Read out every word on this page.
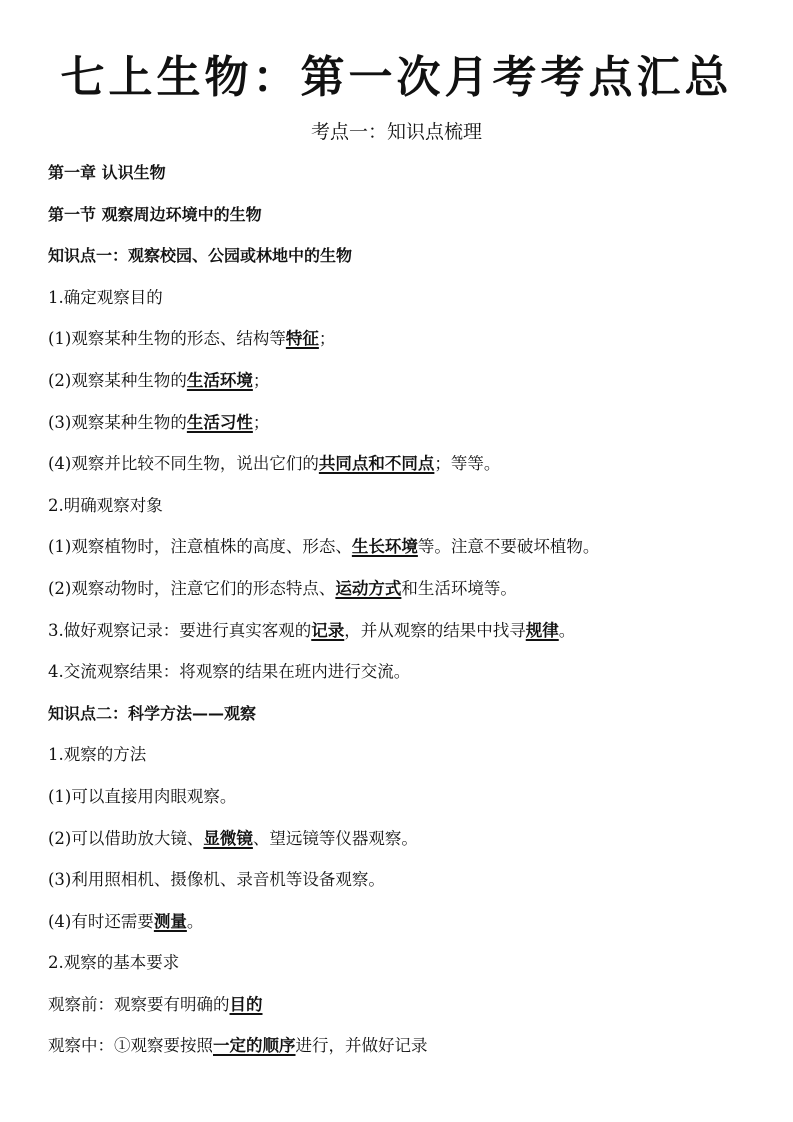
七上生物：第一次月考考点汇总
考点一：知识点梳理
第一章 认识生物
第一节 观察周边环境中的生物
知识点一：观察校园、公园或林地中的生物
1.确定观察目的
(1)观察某种生物的形态、结构等特征；
(2)观察某种生物的生活环境；
(3)观察某种生物的生活习性；
(4)观察并比较不同生物，说出它们的共同点和不同点；等等。
2.明确观察对象
(1)观察植物时，注意植株的高度、形态、生长环境等。注意不要破坏植物。
(2)观察动物时，注意它们的形态特点、运动方式和生活环境等。
3.做好观察记录：要进行真实客观的记录，并从观察的结果中找寻规律。
4.交流观察结果：将观察的结果在班内进行交流。
知识点二：科学方法——观察
1.观察的方法
(1)可以直接用肉眼观察。
(2)可以借助放大镜、显微镜、望远镜等仪器观察。
(3)利用照相机、摄像机、录音机等设备观察。
(4)有时还需要测量。
2.观察的基本要求
观察前：观察要有明确的目的
观察中：①观察要按照一定的顺序进行，并做好记录
